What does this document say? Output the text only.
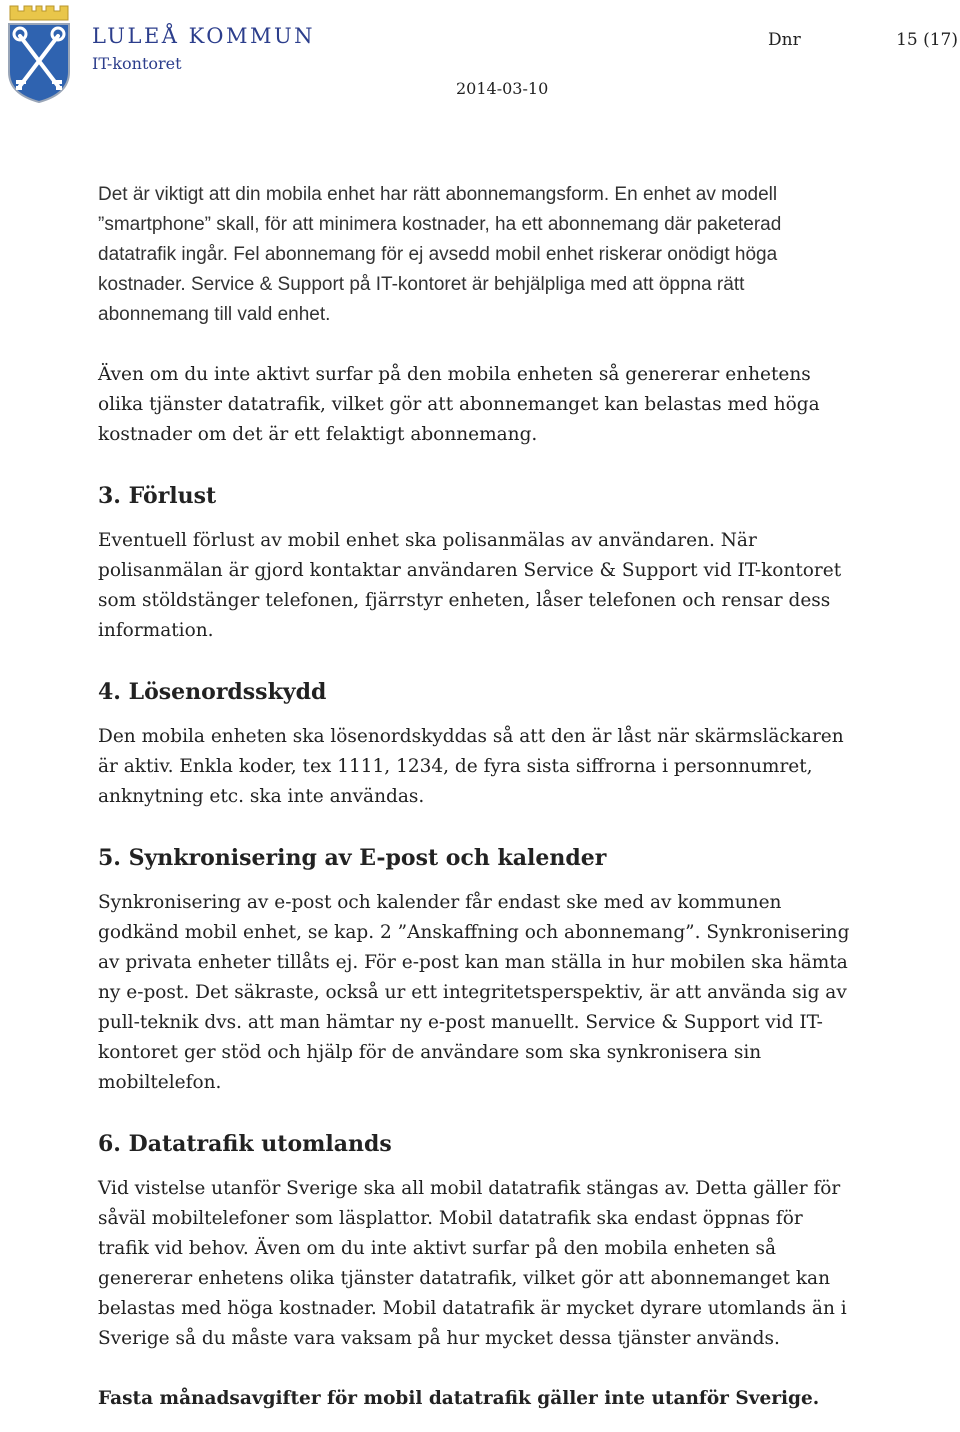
LULEÅ KOMMUN
IT-kontoret
Dnr	15 (17)
2014-03-10

Det är viktigt att din mobila enhet har rätt abonnemangsform. En enhet av modell ”smartphone” skall, för att minimera kostnader, ha ett abonnemang där paketerad datatrafik ingår. Fel abonnemang för ej avsedd mobil enhet riskerar onödigt höga kostnader. Service & Support på IT-kontoret är behjälpliga med att öppna rätt abonnemang till vald enhet.

Även om du inte aktivt surfar på den mobila enheten så genererar enhetens olika tjänster datatrafik, vilket gör att abonnemanget kan belastas med höga kostnader om det är ett felaktigt abonnemang.

3. Förlust

Eventuell förlust av mobil enhet ska polisanmälas av användaren. När polisanmälan är gjord kontaktar användaren Service & Support vid IT-kontoret som stöldstänger telefonen, fjärrstyr enheten, låser telefonen och rensar dess information.

4. Lösenordsskydd

Den mobila enheten ska lösenordskyddas så att den är låst när skärmsläckaren är aktiv. Enkla koder, tex 1111, 1234, de fyra sista siffrorna i personnumret, anknytning etc. ska inte användas.

5. Synkronisering av E-post och kalender

Synkronisering av e-post och kalender får endast ske med av kommunen godkänd mobil enhet, se kap. 2 ”Anskaffning och abonnemang”. Synkronisering av privata enheter tillåts ej. För e-post kan man ställa in hur mobilen ska hämta ny e-post. Det säkraste, också ur ett integritetsperspektiv, är att använda sig av pull-teknik dvs. att man hämtar ny e-post manuellt. Service & Support vid IT-kontoret ger stöd och hjälp för de användare som ska synkronisera sin mobiltelefon.

6. Datatrafik utomlands

Vid vistelse utanför Sverige ska all mobil datatrafik stängas av. Detta gäller för såväl mobiltelefoner som läsplattor. Mobil datatrafik ska endast öppnas för trafik vid behov. Även om du inte aktivt surfar på den mobila enheten så genererar enhetens olika tjänster datatrafik, vilket gör att abonnemanget kan belastas med höga kostnader. Mobil datatrafik är mycket dyrare utomlands än i Sverige så du måste vara vaksam på hur mycket dessa tjänster används.

Fasta månadsavgifter för mobil datatrafik gäller inte utanför Sverige.
